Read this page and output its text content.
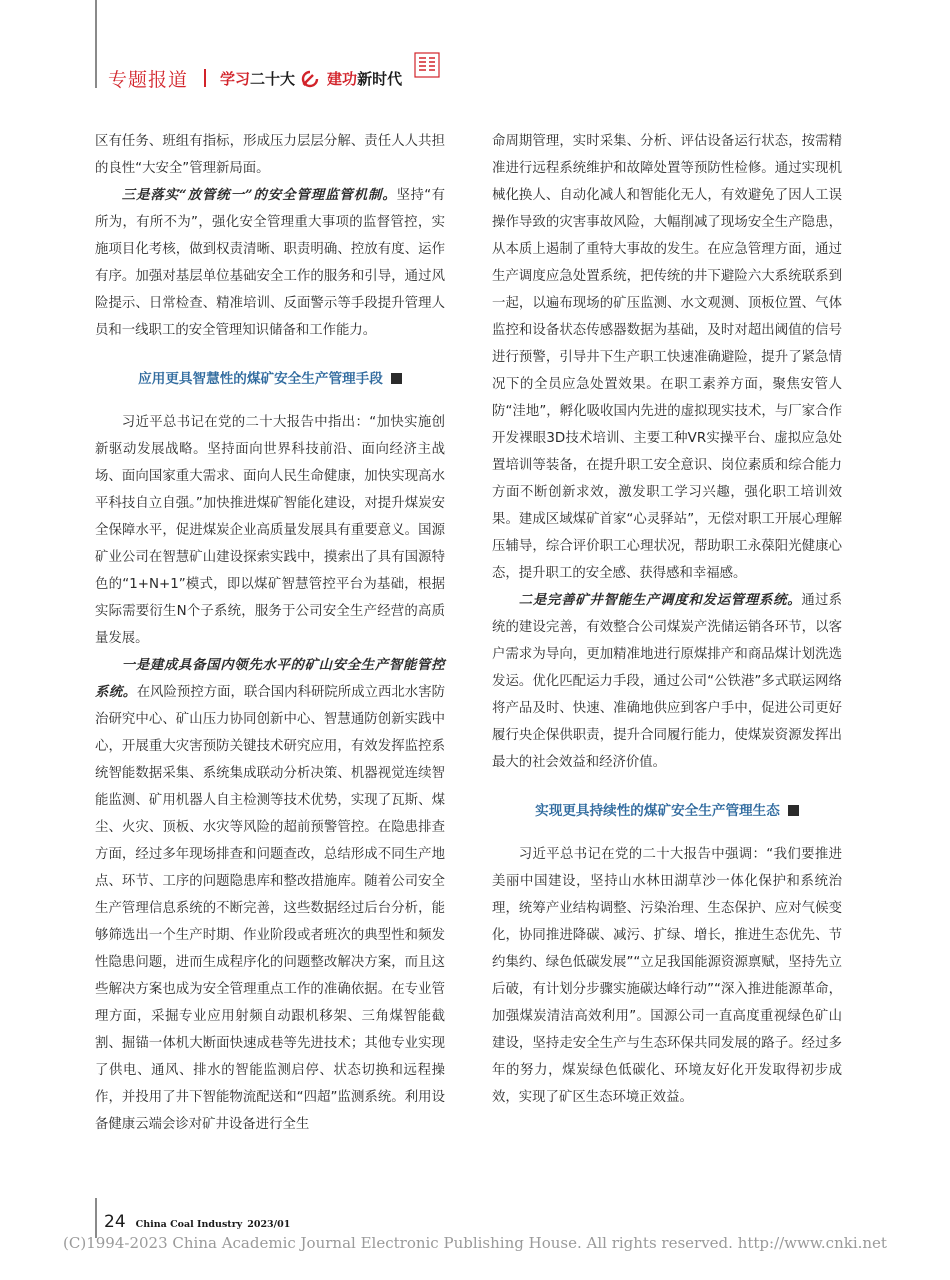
专题报道 学习 二十大 建功 新时代

区有任务、班组有指标，形成压力层层分解、责任人人共担的良性“大安全”管理新局面。

三是落实“放管统一”的安全管理监管机制。坚持“有所为，有所不为”，强化安全管理重大事项的监督管控，实施项目化考核，做到权责清晰、职责明确、控放有度、运作有序。加强对基层单位基础安全工作的服务和引导，通过风险提示、日常检查、精准培训、反面警示等手段提升管理人员和一线职工的安全管理知识储备和工作能力。

应用更具智慧性的煤矿安全生产管理手段

习近平总书记在党的二十大报告中指出：“加快实施创新驱动发展战略。坚持面向世界科技前沿、面向经济主战场、面向国家重大需求、面向人民生命健康，加快实现高水平科技自立自强。”加快推进煤矿智能化建设，对提升煤炭安全保障水平，促进煤炭企业高质量发展具有重要意义。国源矿业公司在智慧矿山建设探索实践中，摸索出了具有国源特色的“1+N+1”模式，即以煤矿智慧管控平台为基础，根据实际需要衍生N个子系统，服务于公司安全生产经营的高质量发展。

一是建成具备国内领先水平的矿山安全生产智能管控系统。在风险预控方面，联合国内科研院所成立西北水害防治研究中心、矿山压力协同创新中心、智慧通防创新实践中心，开展重大灾害预防关键技术研究应用，有效发挥监控系统智能数据采集、系统集成联动分析决策、机器视觉连续智能监测、矿用机器人自主检测等技术优势，实现了瓦斯、煤尘、火灾、顶板、水灾等风险的超前预警管控。在隐患排查方面，经过多年现场排查和问题查改，总结形成不同生产地点、环节、工序的问题隐患库和整改措施库。随着公司安全生产管理信息系统的不断完善，这些数据经过后台分析，能够筛选出一个生产时期、作业阶段或者班次的典型性和频发性隐患问题，进而生成程序化的问题整改解决方案，而且这些解决方案也成为安全管理重点工作的准确依据。在专业管理方面，采掘专业应用射频自动跟机移架、三角煤智能截割、掘锚一体机大断面快速成巷等先进技术；其他专业实现了供电、通风、排水的智能监测启停、状态切换和远程操作，并投用了井下智能物流配送和“四超”监测系统。利用设备健康云端会诊对矿井设备进行全生

命周期管理，实时采集、分析、评估设备运行状态，按需精准进行远程系统维护和故障处置等预防性检修。通过实现机械化换人、自动化减人和智能化无人，有效避免了因人工误操作导致的灾害事故风险，大幅削减了现场安全生产隐患，从本质上遏制了重特大事故的发生。在应急管理方面，通过生产调度应急处置系统，把传统的井下避险六大系统联系到一起，以遍布现场的矿压监测、水文观测、顶板位置、气体监控和设备状态传感器数据为基础，及时对超出阈值的信号进行预警，引导井下生产职工快速准确避险，提升了紧急情况下的全员应急处置效果。在职工素养方面，聚焦安管人防“洼地”，孵化吸收国内先进的虚拟现实技术，与厂家合作开发裸眼3D技术培训、主要工种VR实操平台、虚拟应急处置培训等装备，在提升职工安全意识、岗位素质和综合能力方面不断创新求效，激发职工学习兴趣，强化职工培训效果。建成区域煤矿首家“心灵驿站”，无偿对职工开展心理解压辅导，综合评价职工心理状况，帮助职工永葆阳光健康心态，提升职工的安全感、获得感和幸福感。

二是完善矿井智能生产调度和发运管理系统。通过系统的建设完善，有效整合公司煤炭产洗储运销各环节，以客户需求为导向，更加精准地进行原煤排产和商品煤计划洗选发运。优化匹配运力手段，通过公司“公铁港”多式联运网络将产品及时、快速、准确地供应到客户手中，促进公司更好履行央企保供职责，提升合同履行能力，使煤炭资源发挥出最大的社会效益和经济价值。

实现更具持续性的煤矿安全生产管理生态

习近平总书记在党的二十大报告中强调：“我们要推进美丽中国建设，坚持山水林田湖草沙一体化保护和系统治理，统筹产业结构调整、污染治理、生态保护、应对气候变化，协同推进降碳、减污、扩绿、增长，推进生态优先、节约集约、绿色低碳发展”“立足我国能源资源禀赋，坚持先立后破，有计划分步骤实施碳达峰行动”“深入推进能源革命，加强煤炭清洁高效利用”。国源公司一直高度重视绿色矿山建设，坚持走安全生产与生态环保共同发展的路子。经过多年的努力，煤炭绿色低碳化、环境友好化开发取得初步成效，实现了矿区生态环境正效益。

24 China Coal Industry 2023/01
(C)1994-2023 China Academic Journal Electronic Publishing House. All rights reserved. http://www.cnki.net
